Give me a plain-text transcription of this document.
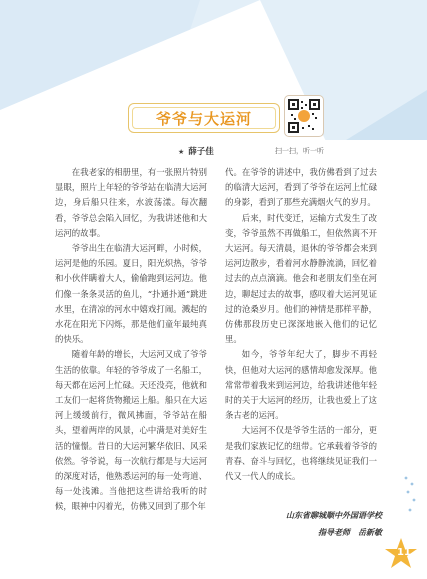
爷爷与大运河
扫一扫，听一听
★ 薛子佳

在我老家的相册里，有一张照片特别显眼，照片上年轻的爷爷站在临清大运河边，身后船只往来，水波荡漾。每次翻看，爷爷总会陷入回忆，为我讲述他和大运河的故事。

爷爷出生在临清大运河畔，小时候，运河是他的乐园。夏日，阳光炽热，爷爷和小伙伴瞒着大人，偷偷跑到运河边。他们像一条条灵活的鱼儿，“扑通扑通”跳进水里，在清凉的河水中嬉戏打闹。溅起的水花在阳光下闪烁，那是他们童年最纯真的快乐。

随着年龄的增长，大运河又成了爷爷生活的依靠。年轻的爷爷成了一名船工，每天都在运河上忙碌。天还没亮，他就和工友们一起将货物搬运上船。船只在大运河上缓缓前行，微风拂面，爷爷站在船头，望着两岸的风景，心中满是对美好生活的憧憬。昔日的大运河繁华依旧、风采依然。爷爷说，每一次航行都是与大运河的深度对话，他熟悉运河的每一处弯道、每一处浅滩。当他把这些讲给我听的时候，眼神中闪着光，仿佛又回到了那个年

代。在爷爷的讲述中，我仿佛看到了过去的临清大运河，看到了爷爷在运河上忙碌的身影，看到了那些充满烟火气的岁月。

后来，时代变迁，运输方式发生了改变，爷爷虽然不再做船工，但依然离不开大运河。每天清晨，退休的爷爷都会来到运河边散步，看着河水静静流淌，回忆着过去的点点滴滴。他会和老朋友们坐在河边，聊起过去的故事，感叹着大运河见证过的沧桑岁月。他们的神情是那样平静，仿佛那段历史已深深地嵌入他们的记忆里。

如今，爷爷年纪大了，脚步不再轻快，但他对大运河的感情却愈发深厚。他常常带着我来到运河边，给我讲述他年轻时的关于大运河的经历，让我也爱上了这条古老的运河。

大运河不仅是爷爷生活的一部分，更是我们家族记忆的纽带。它承载着爷爷的青春、奋斗与回忆，也将继续见证我们一代又一代人的成长。

山东省聊城顺中外国语学校
指导老师　岳新敏
11
